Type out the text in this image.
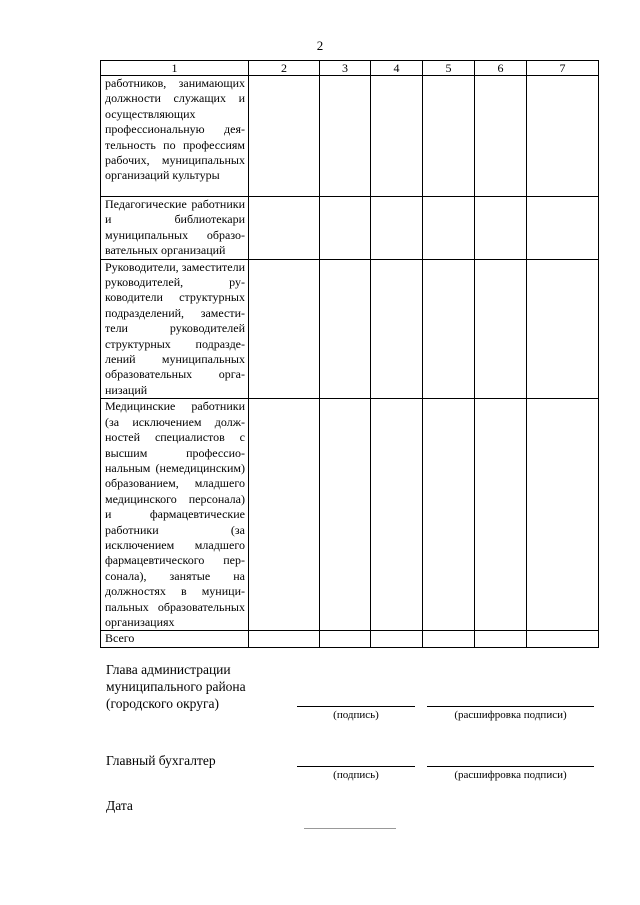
2
1	2	3	4	5	6	7
работников, занимающих должности служащих и осуществляющих профессиональную деятельность по профессиям рабочих, муниципальных организаций культуры						
Педагогические работники и библиотекари муниципальных образовательных организаций						
Руководители, заместители руководителей, руководители структурных подразделений, заместители руководителей структурных подразделений муниципальных образовательных организаций						
Медицинские работники (за исключением должностей специалистов с высшим профессиональным (немедицинским) образованием, младшего медицинского персонала) и фармацевтические работники (за исключением младшего фармацевтического персонала), занятые на должностях в муниципальных образовательных организациях						
Всего						
Глава администрации муниципального района (городского округа)
(подпись)	(расшифровка подписи)
Главный бухгалтер
(подпись)	(расшифровка подписи)
Дата
